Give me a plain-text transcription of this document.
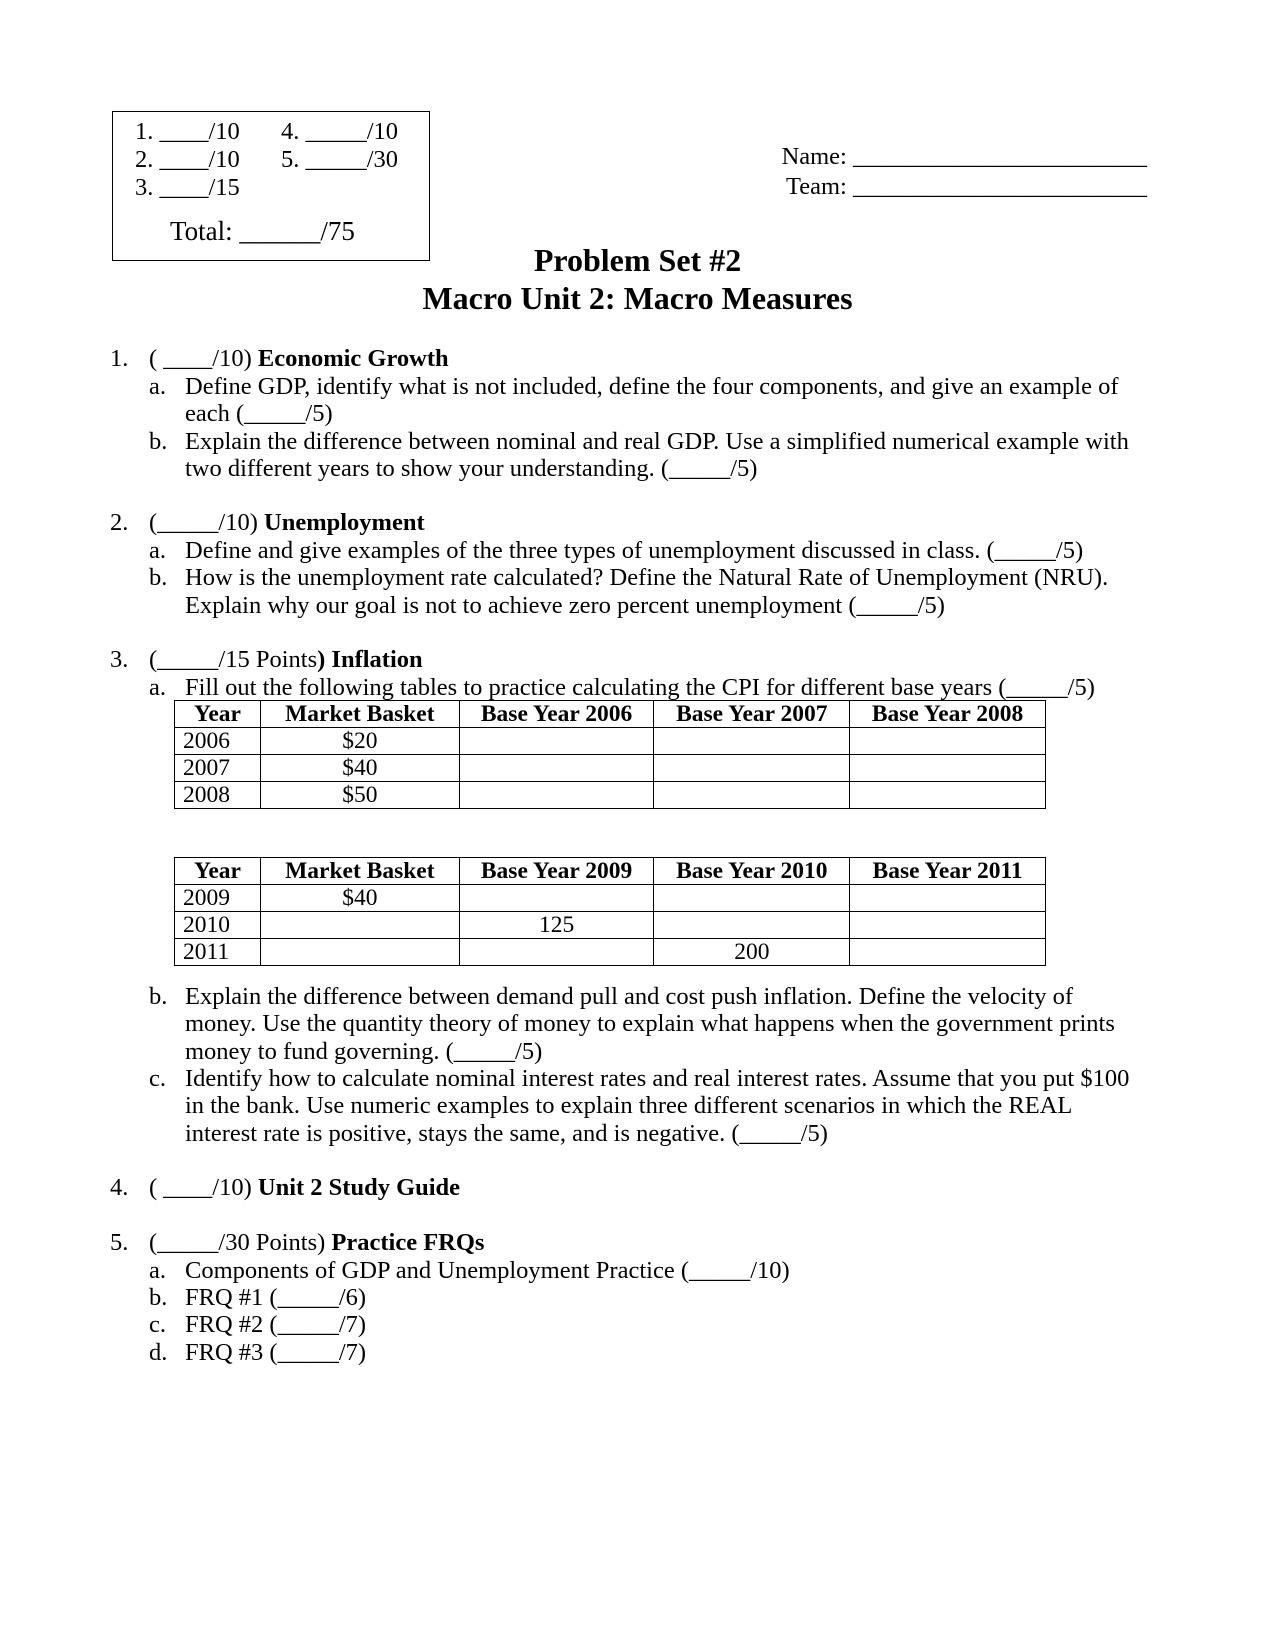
1. ____/10 4. _____/10
2. ____/10 5. _____/30
3. ____/15
Total: ______/75
Name: ________________________
Team: ________________________
Problem Set #2
Macro Unit 2: Macro Measures
1. ( ____/10) Economic Growth
a. Define GDP, identify what is not included, define the four components, and give an example of
each (_____/5)
b. Explain the difference between nominal and real GDP. Use a simplified numerical example with
two different years to show your understanding. (_____/5)
2. (_____/10) Unemployment
a. Define and give examples of the three types of unemployment discussed in class. (_____/5)
b. How is the unemployment rate calculated? Define the Natural Rate of Unemployment (NRU).
Explain why our goal is not to achieve zero percent unemployment (_____/5)
3. (_____/15 Points) Inflation
a. Fill out the following tables to practice calculating the CPI for different base years (_____/5)
Year	Market Basket	Base Year 2006	Base Year 2007	Base Year 2008
2006	$20			
2007	$40			
2008	$50			
Year	Market Basket	Base Year 2009	Base Year 2010	Base Year 2011
2009	$40			
2010		125		
2011			200	
b. Explain the difference between demand pull and cost push inflation. Define the velocity of
money. Use the quantity theory of money to explain what happens when the government prints
money to fund governing. (_____/5)
c. Identify how to calculate nominal interest rates and real interest rates. Assume that you put $100
in the bank. Use numeric examples to explain three different scenarios in which the REAL
interest rate is positive, stays the same, and is negative. (_____/5)
4. ( ____/10) Unit 2 Study Guide
5. (_____/30 Points) Practice FRQs
a. Components of GDP and Unemployment Practice (_____/10)
b. FRQ #1 (_____/6)
c. FRQ #2 (_____/7)
d. FRQ #3 (_____/7)
